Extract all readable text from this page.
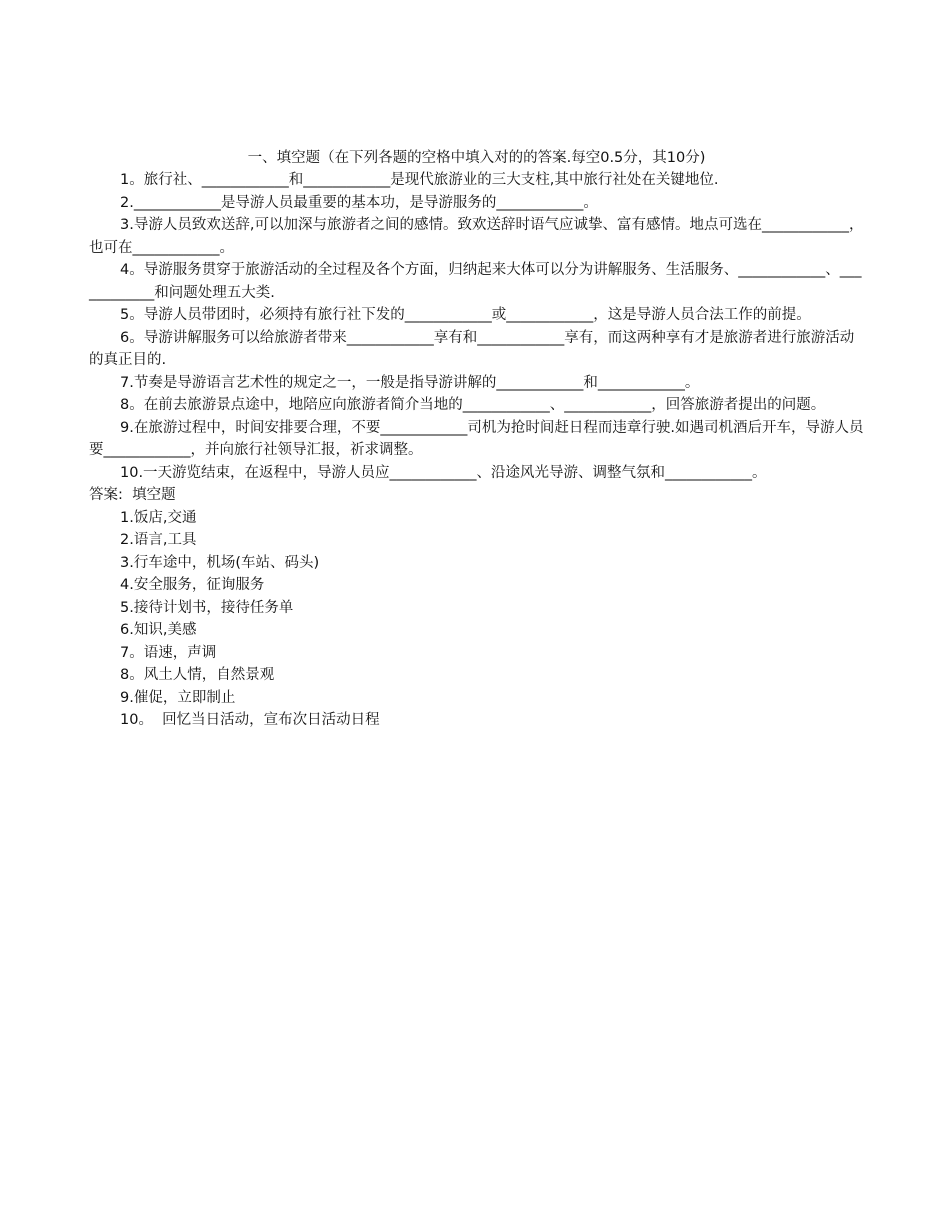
一、填空题（在下列各题的空格中填入对的的答案.每空0.5分，其10分)
1。旅行社、____________和____________是现代旅游业的三大支柱,其中旅行社处在关键地位.
2.____________是导游人员最重要的基本功，是导游服务的____________。
3.导游人员致欢送辞,可以加深与旅游者之间的感情。致欢送辞时语气应诚挚、富有感情。地点可选在____________，也可在____________。
4。导游服务贯穿于旅游活动的全过程及各个方面，归纳起来大体可以分为讲解服务、生活服务、____________、____________和问题处理五大类.
5。导游人员带团时，必须持有旅行社下发的____________或____________，这是导游人员合法工作的前提。
6。导游讲解服务可以给旅游者带来____________享有和____________享有，而这两种享有才是旅游者进行旅游活动的真正目的.
7.节奏是导游语言艺术性的规定之一，一般是指导游讲解的____________和____________。
8。在前去旅游景点途中，地陪应向旅游者简介当地的____________、____________，回答旅游者提出的问题。
9.在旅游过程中，时间安排要合理，不要____________司机为抢时间赶日程而违章行驶.如遇司机酒后开车，导游人员要____________，并向旅行社领导汇报，祈求调整。
10.一天游览结束，在返程中，导游人员应____________、沿途风光导游、调整气氛和____________。
答案:  填空题
1.饭店,交通
2.语言,工具
3.行车途中，机场(车站、码头)
4.安全服务，征询服务
5.接待计划书，接待任务单
6.知识,美感
7。语速，声调
8。风土人情，自然景观
9.催促，立即制止
10。  回忆当日活动，宣布次日活动日程
